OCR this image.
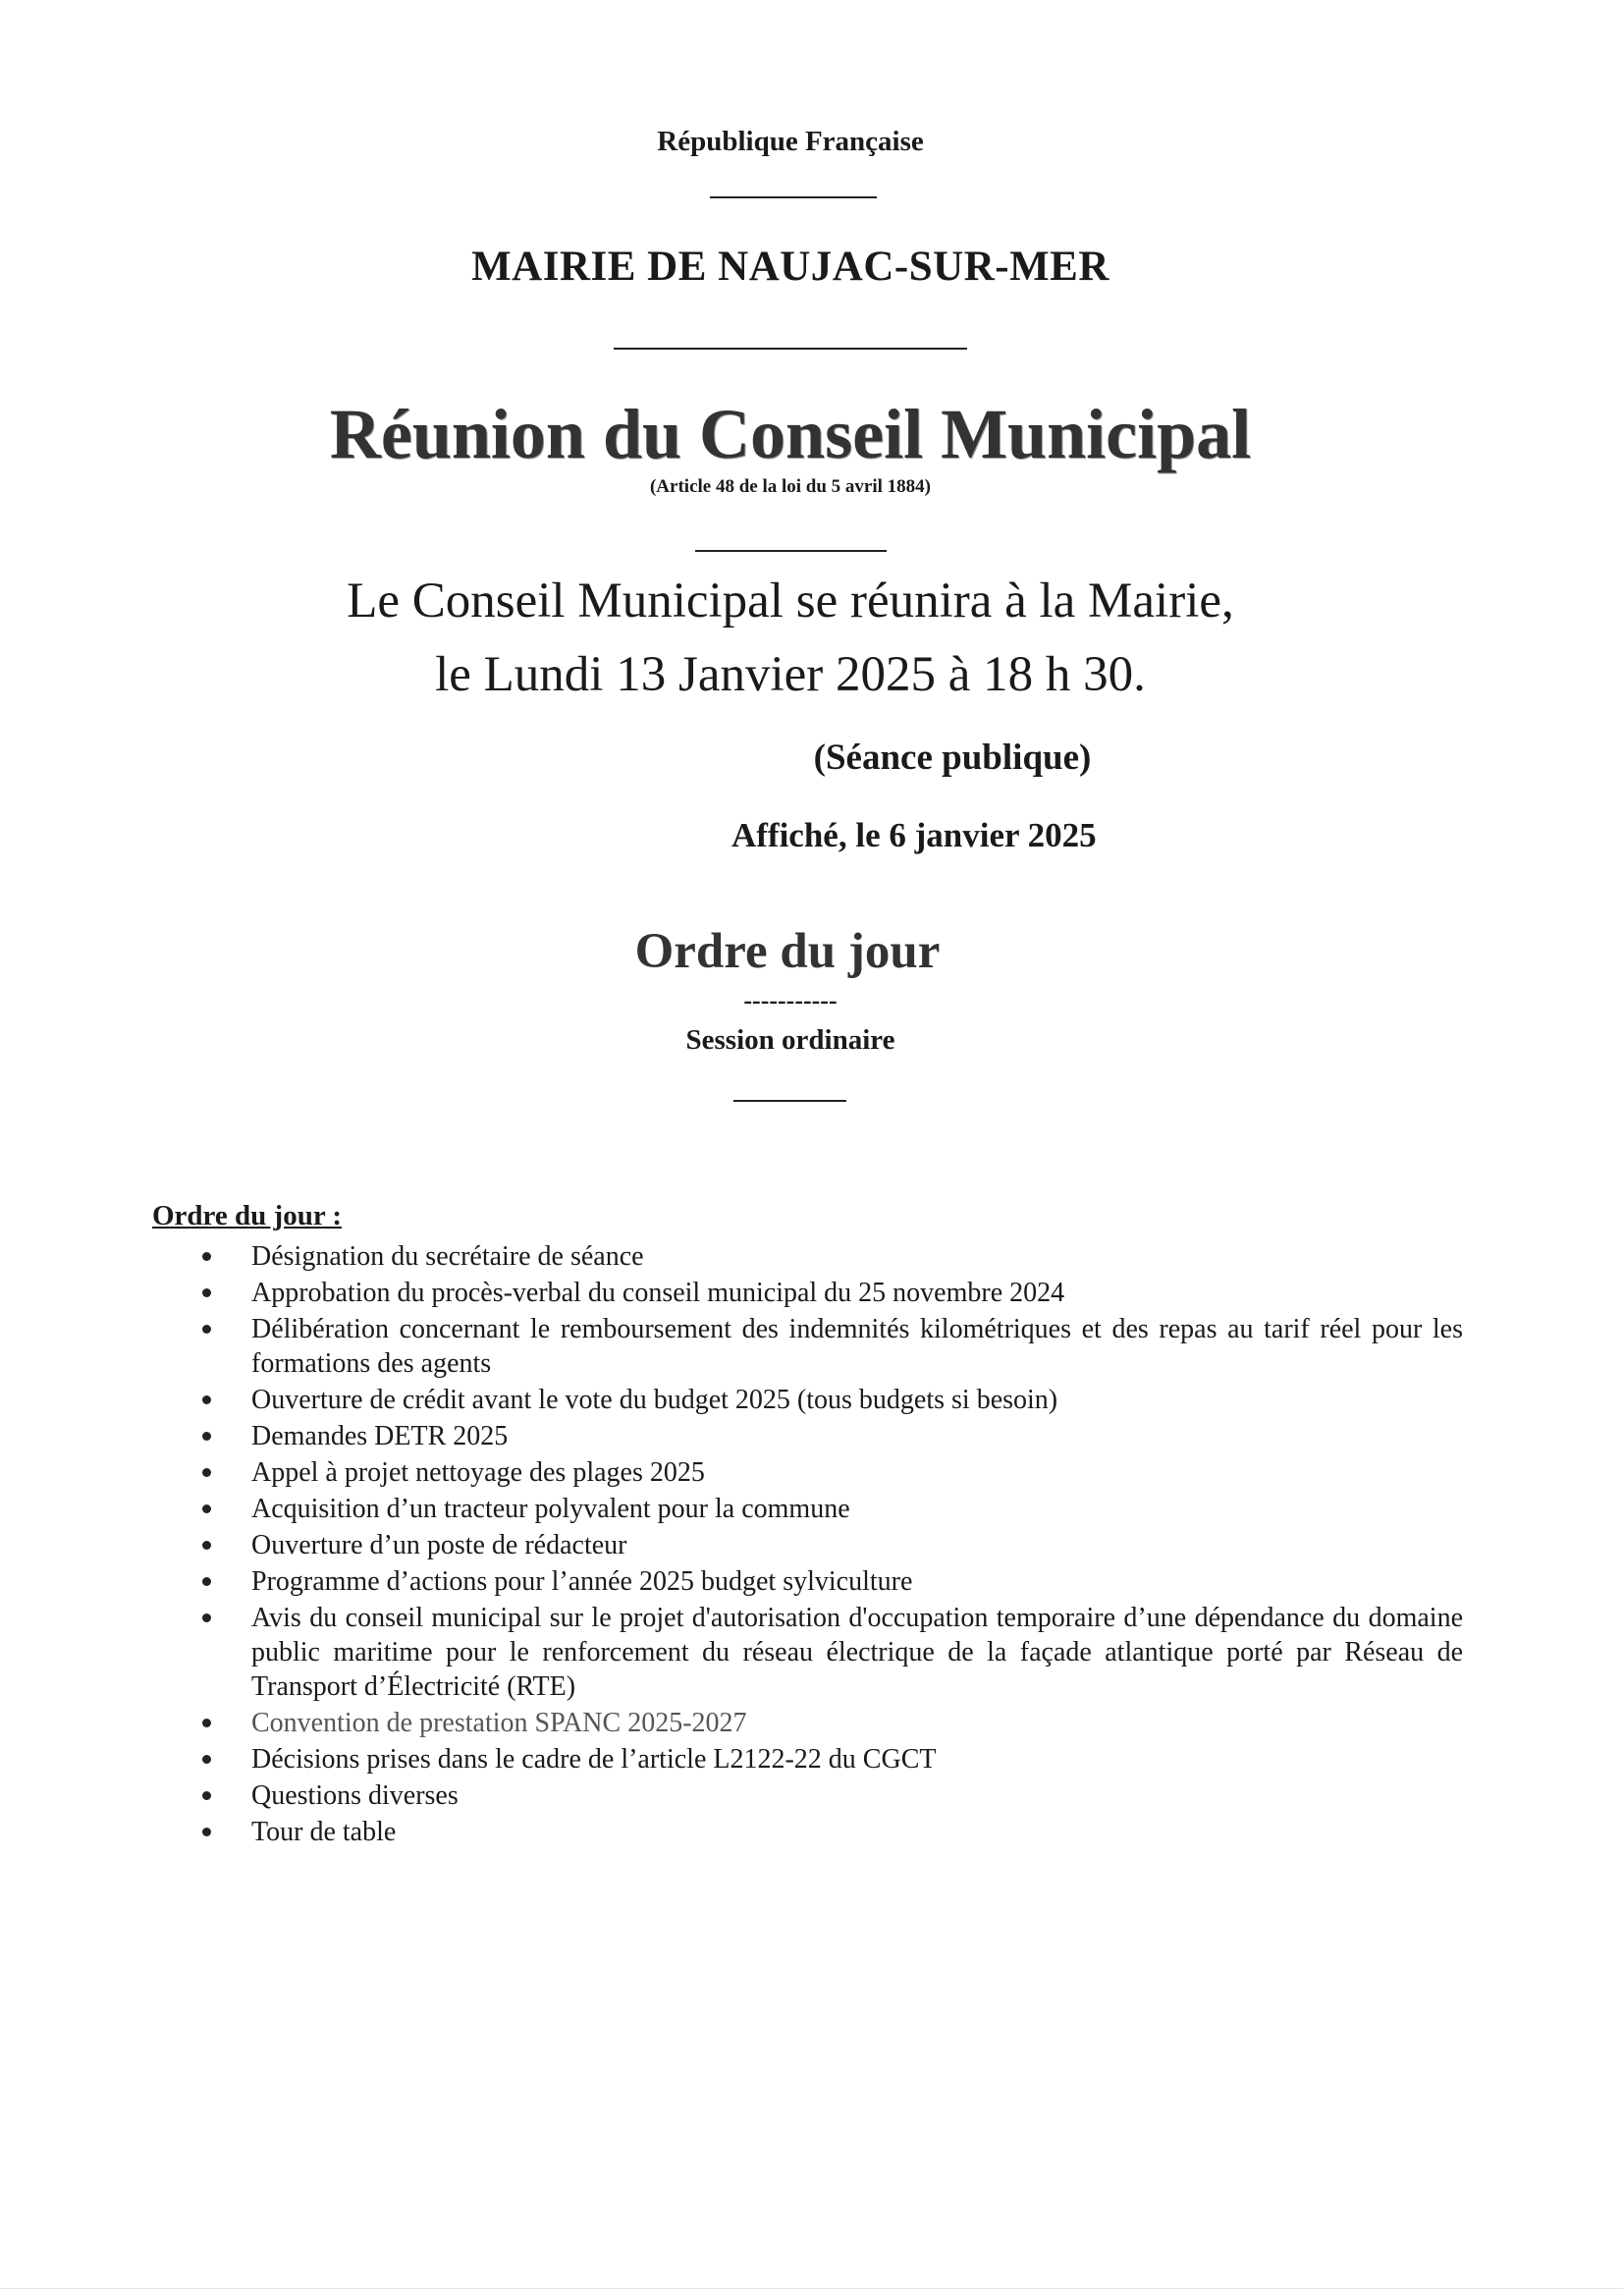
République Française
MAIRIE DE NAUJAC-SUR-MER
Réunion du Conseil Municipal
(Article 48 de la loi du 5 avril 1884)
Le Conseil Municipal se réunira à la Mairie,
le Lundi 13 Janvier 2025 à 18 h 30.
(Séance publique)
Affiché, le 6 janvier 2025
Ordre du jour
-----------
Session ordinaire
Ordre du jour :
Désignation du secrétaire de séance
Approbation du procès-verbal du conseil municipal du 25 novembre 2024
Délibération concernant le remboursement des indemnités kilométriques et des repas au tarif réel pour les formations des agents
Ouverture de crédit avant le vote du budget 2025 (tous budgets si besoin)
Demandes DETR 2025
Appel à projet nettoyage des plages 2025
Acquisition d’un tracteur polyvalent pour la commune
Ouverture d’un poste de rédacteur
Programme d’actions pour l’année 2025 budget sylviculture
Avis du conseil municipal sur le projet d'autorisation d'occupation temporaire d’une dépendance du domaine public maritime pour le renforcement du réseau électrique de la façade atlantique porté par Réseau de Transport d’Électricité (RTE)
Convention de prestation SPANC 2025-2027
Décisions prises dans le cadre de l’article L2122-22 du CGCT
Questions diverses
Tour de table
